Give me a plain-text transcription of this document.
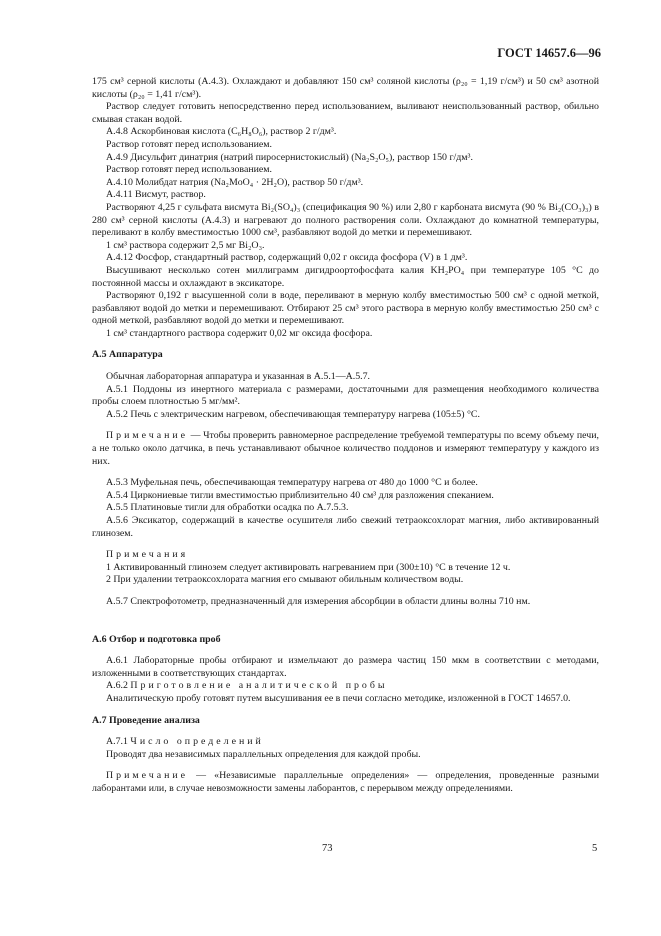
ГОСТ 14657.6—96

175 см³ серной кислоты (А.4.3). Охлаждают и добавляют 150 см³ соляной кислоты (ρ₂₀ = 1,19 г/см³) и 50 см³ азотной кислоты (ρ₂₀ = 1,41 г/см³).

Раствор следует готовить непосредственно перед использованием, выливают неиспользованный раствор, обильно смывая стакан водой.

А.4.8 Аскорбиновая кислота (C₆H₈O₆), раствор 2 г/дм³.

Раствор готовят перед использованием.

А.4.9 Дисульфит динатрия (натрий пиросернистокислый) (Na₂S₂O₅), раствор 150 г/дм³.

Раствор готовят перед использованием.

А.4.10 Молибдат натрия (Na₂MoO₄ · 2H₂O), раствор 50 г/дм³.

А.4.11 Висмут, раствор.

Растворяют 4,25 г сульфата висмута Bi₂(SO₄)₃ (спецификация 90 %) или 2,80 г карбоната висмута (90 % Bi₂(CO₃)₃) в 280 см³ серной кислоты (А.4.3) и нагревают до полного растворения соли. Охлаждают до комнатной температуры, переливают в колбу вместимостью 1000 см³, разбавляют водой до метки и перемешивают.

1 см³ раствора содержит 2,5 мг Bi₂O₃.

А.4.12 Фосфор, стандартный раствор, содержащий 0,02 г оксида фосфора (V) в 1 дм³.

Высушивают несколько сотен миллиграмм дигидроортофосфата калия KH₂PO₄ при температуре 105 °С до постоянной массы и охлаждают в эксикаторе.

Растворяют 0,192 г высушенной соли в воде, переливают в мерную колбу вместимостью 500 см³ с одной меткой, разбавляют водой до метки и перемешивают. Отбирают 25 см³ этого раствора в мерную колбу вместимостью 250 см³ с одной меткой, разбавляют водой до метки и перемешивают.

1 см³ стандартного раствора содержит 0,02 мг оксида фосфора.

А.5 Аппаратура

Обычная лабораторная аппаратура и указанная в А.5.1—А.5.7.

А.5.1 Поддоны из инертного материала с размерами, достаточными для размещения необходимого количества пробы слоем плотностью 5 мг/мм².

А.5.2 Печь с электрическим нагревом, обеспечивающая температуру нагрева (105±5) °С.

Примечание — Чтобы проверить равномерное распределение требуемой температуры по всему объему печи, а не только около датчика, в печь устанавливают обычное количество поддонов и измеряют температуру у каждого из них.

А.5.3 Муфельная печь, обеспечивающая температуру нагрева от 480 до 1000 °С и более.

А.5.4 Циркониевые тигли вместимостью приблизительно 40 см³ для разложения спеканием.

А.5.5 Платиновые тигли для обработки осадка по А.7.5.3.

А.5.6 Эксикатор, содержащий в качестве осушителя либо свежий тетраоксохлорат магния, либо активированный глинозем.

Примечания

1 Активированный глинозем следует активировать нагреванием при (300±10) °С в течение 12 ч.

2 При удалении тетраоксохлората магния его смывают обильным количеством воды.

А.5.7 Спектрофотометр, предназначенный для измерения абсорбции в области длины волны 710 нм.

А.6 Отбор и подготовка проб

А.6.1 Лабораторные пробы отбирают и измельчают до размера частиц 150 мкм в соответствии с методами, изложенными в соответствующих стандартах.

А.6.2 Приготовление аналитической пробы

Аналитическую пробу готовят путем высушивания ее в печи согласно методике, изложенной в ГОСТ 14657.0.

А.7 Проведение анализа

А.7.1 Число определений

Проводят два независимых параллельных определения для каждой пробы.

Примечание — «Независимые параллельные определения» — определения, проведенные разными лаборантами или, в случае невозможности замены лаборантов, с перерывом между определениями.

73	5
